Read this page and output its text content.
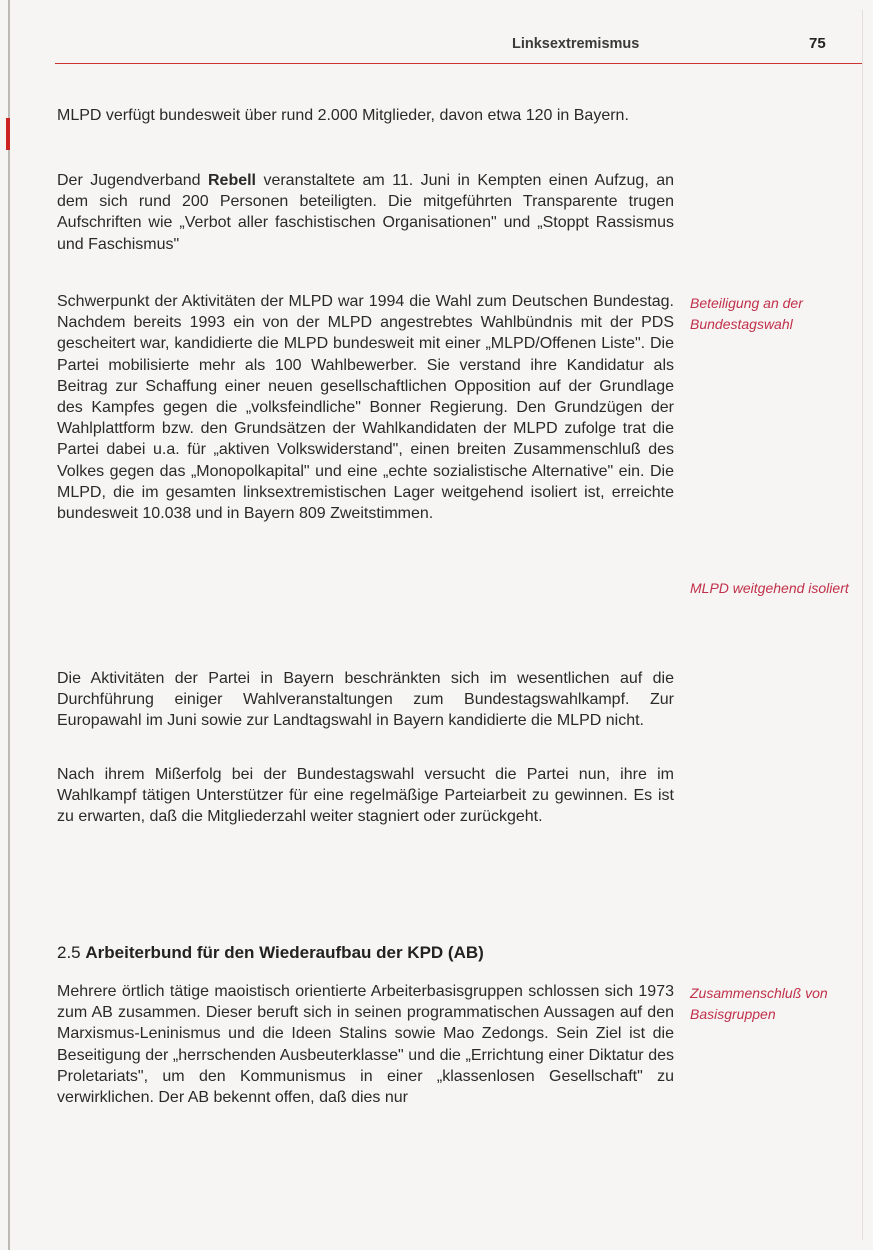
Linksextremismus	75

MLPD verfügt bundesweit über rund 2.000 Mitglieder, davon etwa 120 in Bayern.

Der Jugendverband Rebell veranstaltete am 11. Juni in Kempten einen Aufzug, an dem sich rund 200 Personen beteiligten. Die mitgeführten Transparente trugen Aufschriften wie „Verbot aller faschistischen Organisationen" und „Stoppt Rassismus und Faschismus"

Schwerpunkt der Aktivitäten der MLPD war 1994 die Wahl zum Deutschen Bundestag. Nachdem bereits 1993 ein von der MLPD angestrebtes Wahlbündnis mit der PDS gescheitert war, kandidierte die MLPD bundesweit mit einer „MLPD/Offenen Liste". Die Partei mobilisierte mehr als 100 Wahlbewerber. Sie verstand ihre Kandidatur als Beitrag zur Schaffung einer neuen gesellschaftlichen Opposition auf der Grundlage des Kampfes gegen die „volksfeindliche" Bonner Regierung. Den Grundzügen der Wahlplattform bzw. den Grundsätzen der Wahlkandidaten der MLPD zufolge trat die Partei dabei u.a. für „aktiven Volkswiderstand", einen breiten Zusammenschluß des Volkes gegen das „Monopolkapital" und eine „echte sozialistische Alternative" ein. Die MLPD, die im gesamten linksextremistischen Lager weitgehend isoliert ist, erreichte bundesweit 10.038 und in Bayern 809 Zweitstimmen.

Die Aktivitäten der Partei in Bayern beschränkten sich im wesentlichen auf die Durchführung einiger Wahlveranstaltungen zum Bundestagswahlkampf. Zur Europawahl im Juni sowie zur Landtagswahl in Bayern kandidierte die MLPD nicht.

Nach ihrem Mißerfolg bei der Bundestagswahl versucht die Partei nun, ihre im Wahlkampf tätigen Unterstützer für eine regelmäßige Parteiarbeit zu gewinnen. Es ist zu erwarten, daß die Mitgliederzahl weiter stagniert oder zurückgeht.

2.5 Arbeiterbund für den Wiederaufbau der KPD (AB)

Mehrere örtlich tätige maoistisch orientierte Arbeiterbasisgruppen schlossen sich 1973 zum AB zusammen. Dieser beruft sich in seinen programmatischen Aussagen auf den Marxismus-Leninismus und die Ideen Stalins sowie Mao Zedongs. Sein Ziel ist die Beseitigung der „herrschenden Ausbeuterklasse" und die „Errichtung einer Diktatur des Proletariats", um den Kommunismus in einer „klassenlosen Gesellschaft" zu verwirklichen. Der AB bekennt offen, daß dies nur

Beteiligung an der Bundestagswahl
MLPD weitgehend isoliert
Zusammenschluß von Basisgruppen
